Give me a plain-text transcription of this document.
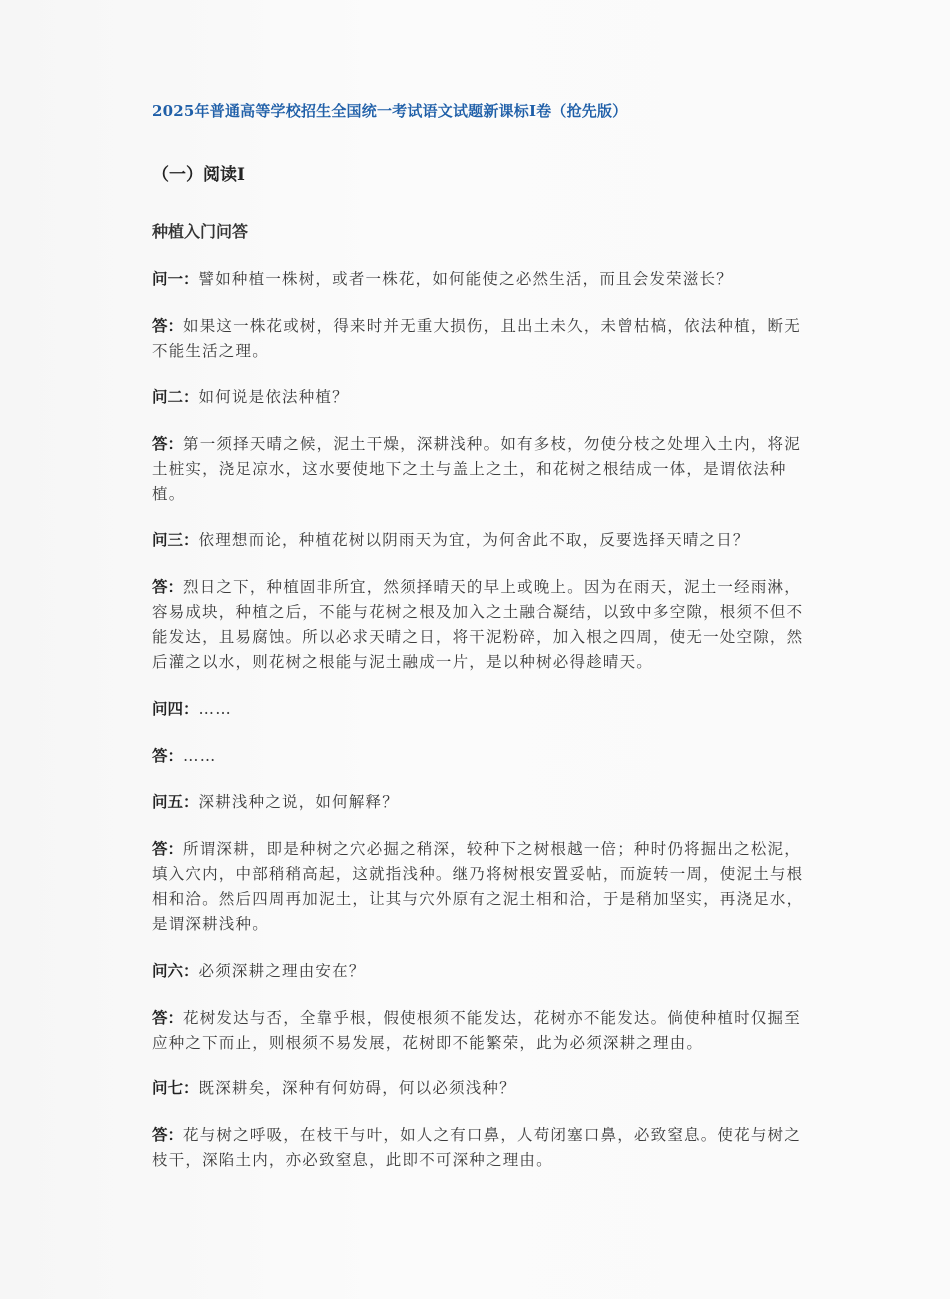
2025年普通高等学校招生全国统一考试语文试题新课标I卷（抢先版）
（一）阅读I
种植入门问答
问一：譬如种植一株树，或者一株花，如何能使之必然生活，而且会发荣滋长？
答：如果这一株花或树，得来时并无重大损伤，且出土未久，未曾枯槁，依法种植，断无不能生活之理。
问二：如何说是依法种植？
答：第一须择天晴之候，泥土干燥，深耕浅种。如有多枝，勿使分枝之处埋入土内，将泥土桩实，浇足凉水，这水要使地下之土与盖上之土，和花树之根结成一体，是谓依法种植。
问三：依理想而论，种植花树以阴雨天为宜，为何舍此不取，反要选择天晴之日？
答：烈日之下，种植固非所宜，然须择晴天的早上或晚上。因为在雨天，泥土一经雨淋，容易成块，种植之后，不能与花树之根及加入之土融合凝结，以致中多空隙，根须不但不能发达，且易腐蚀。所以必求天晴之日，将干泥粉碎，加入根之四周，使无一处空隙，然后灌之以水，则花树之根能与泥土融成一片，是以种树必得趁晴天。
问四：……
答：……
问五：深耕浅种之说，如何解释？
答：所谓深耕，即是种树之穴必掘之稍深，较种下之树根越一倍；种时仍将掘出之松泥，填入穴内，中部稍稍高起，这就指浅种。继乃将树根安置妥帖，而旋转一周，使泥土与根相和洽。然后四周再加泥土，让其与穴外原有之泥土相和洽，于是稍加坚实，再浇足水，是谓深耕浅种。
问六：必须深耕之理由安在？
答：花树发达与否，全靠乎根，假使根须不能发达，花树亦不能发达。倘使种植时仅掘至应种之下而止，则根须不易发展，花树即不能繁荣，此为必须深耕之理由。
问七：既深耕矣，深种有何妨碍，何以必须浅种？
答：花与树之呼吸，在枝干与叶，如人之有口鼻，人苟闭塞口鼻，必致窒息。使花与树之枝干，深陷土内，亦必致窒息，此即不可深种之理由。
